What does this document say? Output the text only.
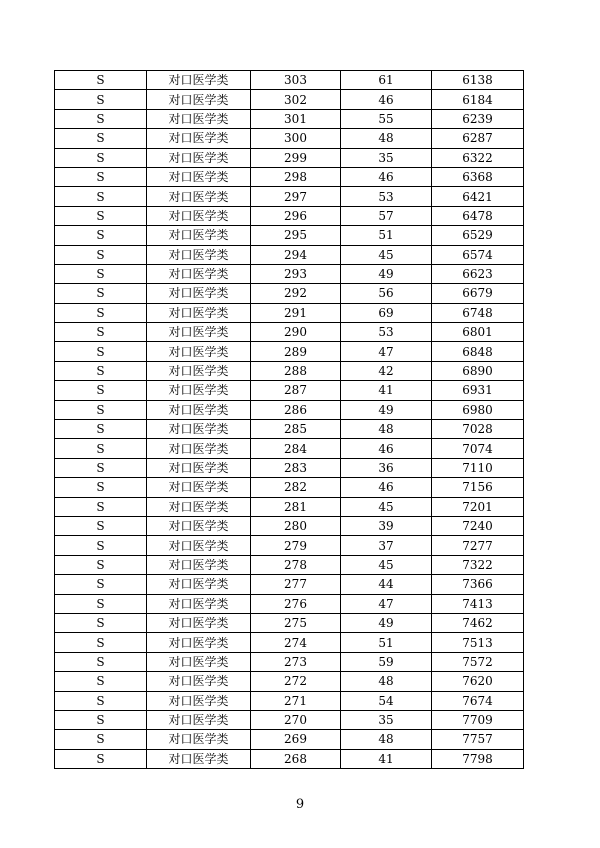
S	对口医学类	303	61	6138
S	对口医学类	302	46	6184
S	对口医学类	301	55	6239
S	对口医学类	300	48	6287
S	对口医学类	299	35	6322
S	对口医学类	298	46	6368
S	对口医学类	297	53	6421
S	对口医学类	296	57	6478
S	对口医学类	295	51	6529
S	对口医学类	294	45	6574
S	对口医学类	293	49	6623
S	对口医学类	292	56	6679
S	对口医学类	291	69	6748
S	对口医学类	290	53	6801
S	对口医学类	289	47	6848
S	对口医学类	288	42	6890
S	对口医学类	287	41	6931
S	对口医学类	286	49	6980
S	对口医学类	285	48	7028
S	对口医学类	284	46	7074
S	对口医学类	283	36	7110
S	对口医学类	282	46	7156
S	对口医学类	281	45	7201
S	对口医学类	280	39	7240
S	对口医学类	279	37	7277
S	对口医学类	278	45	7322
S	对口医学类	277	44	7366
S	对口医学类	276	47	7413
S	对口医学类	275	49	7462
S	对口医学类	274	51	7513
S	对口医学类	273	59	7572
S	对口医学类	272	48	7620
S	对口医学类	271	54	7674
S	对口医学类	270	35	7709
S	对口医学类	269	48	7757
S	对口医学类	268	41	7798
9
